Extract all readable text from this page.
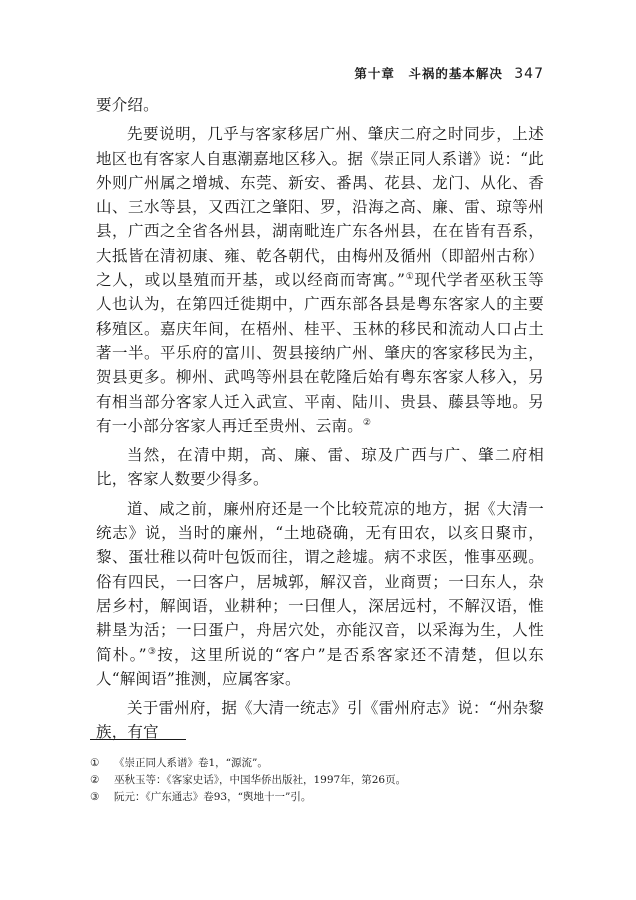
第十章　斗祸的基本解决 347

要介绍。

先要说明，几乎与客家移居广州、肇庆二府之时同步，上述地区也有客家人自惠潮嘉地区移入。据《崇正同人系谱》说：“此外则广州属之增城、东莞、新安、番禺、花县、龙门、从化、香山、三水等县，又西江之肇阳、罗，沿海之高、廉、雷、琼等州县，广西之全省各州县，湖南毗连广东各州县，在在皆有吾系，大抵皆在清初康、雍、乾各朝代，由梅州及循州（即韶州古称）之人，或以垦殖而开基，或以经商而寄寓。”①现代学者巫秋玉等人也认为，在第四迁徙期中，广西东部各县是粤东客家人的主要移殖区。嘉庆年间，在梧州、桂平、玉林的移民和流动人口占土著一半。平乐府的富川、贺县接纳广州、肇庆的客家移民为主，贺县更多。柳州、武鸣等州县在乾隆后始有粤东客家人移入，另有相当部分客家人迁入武宣、平南、陆川、贵县、藤县等地。另有一小部分客家人再迁至贵州、云南。②

当然，在清中期，高、廉、雷、琼及广西与广、肇二府相比，客家人数要少得多。

道、咸之前，廉州府还是一个比较荒凉的地方，据《大清一统志》说，当时的廉州，“土地硗确，无有田农，以亥日聚市，黎、蛋壮稚以荷叶包饭而往，谓之趁墟。病不求医，惟事巫觋。俗有四民，一曰客户，居城郭，解汉音，业商贾；一曰东人，杂居乡村，解闽语，业耕种；一曰俚人，深居远村，不解汉语，惟耕垦为活；一曰蛋户，舟居穴处，亦能汉音，以采海为生，人性简朴。”③按，这里所说的“客户”是否系客家还不清楚，但以东人“解闽语”推测，应属客家。

关于雷州府，据《大清一统志》引《雷州府志》说：“州杂黎族，有官

①	《崇正同人系谱》卷1，“源流”。
②	巫秋玉等：《客家史话》，中国华侨出版社，1997年，第26页。
③	阮元：《广东通志》卷93，“舆地十一”引。
